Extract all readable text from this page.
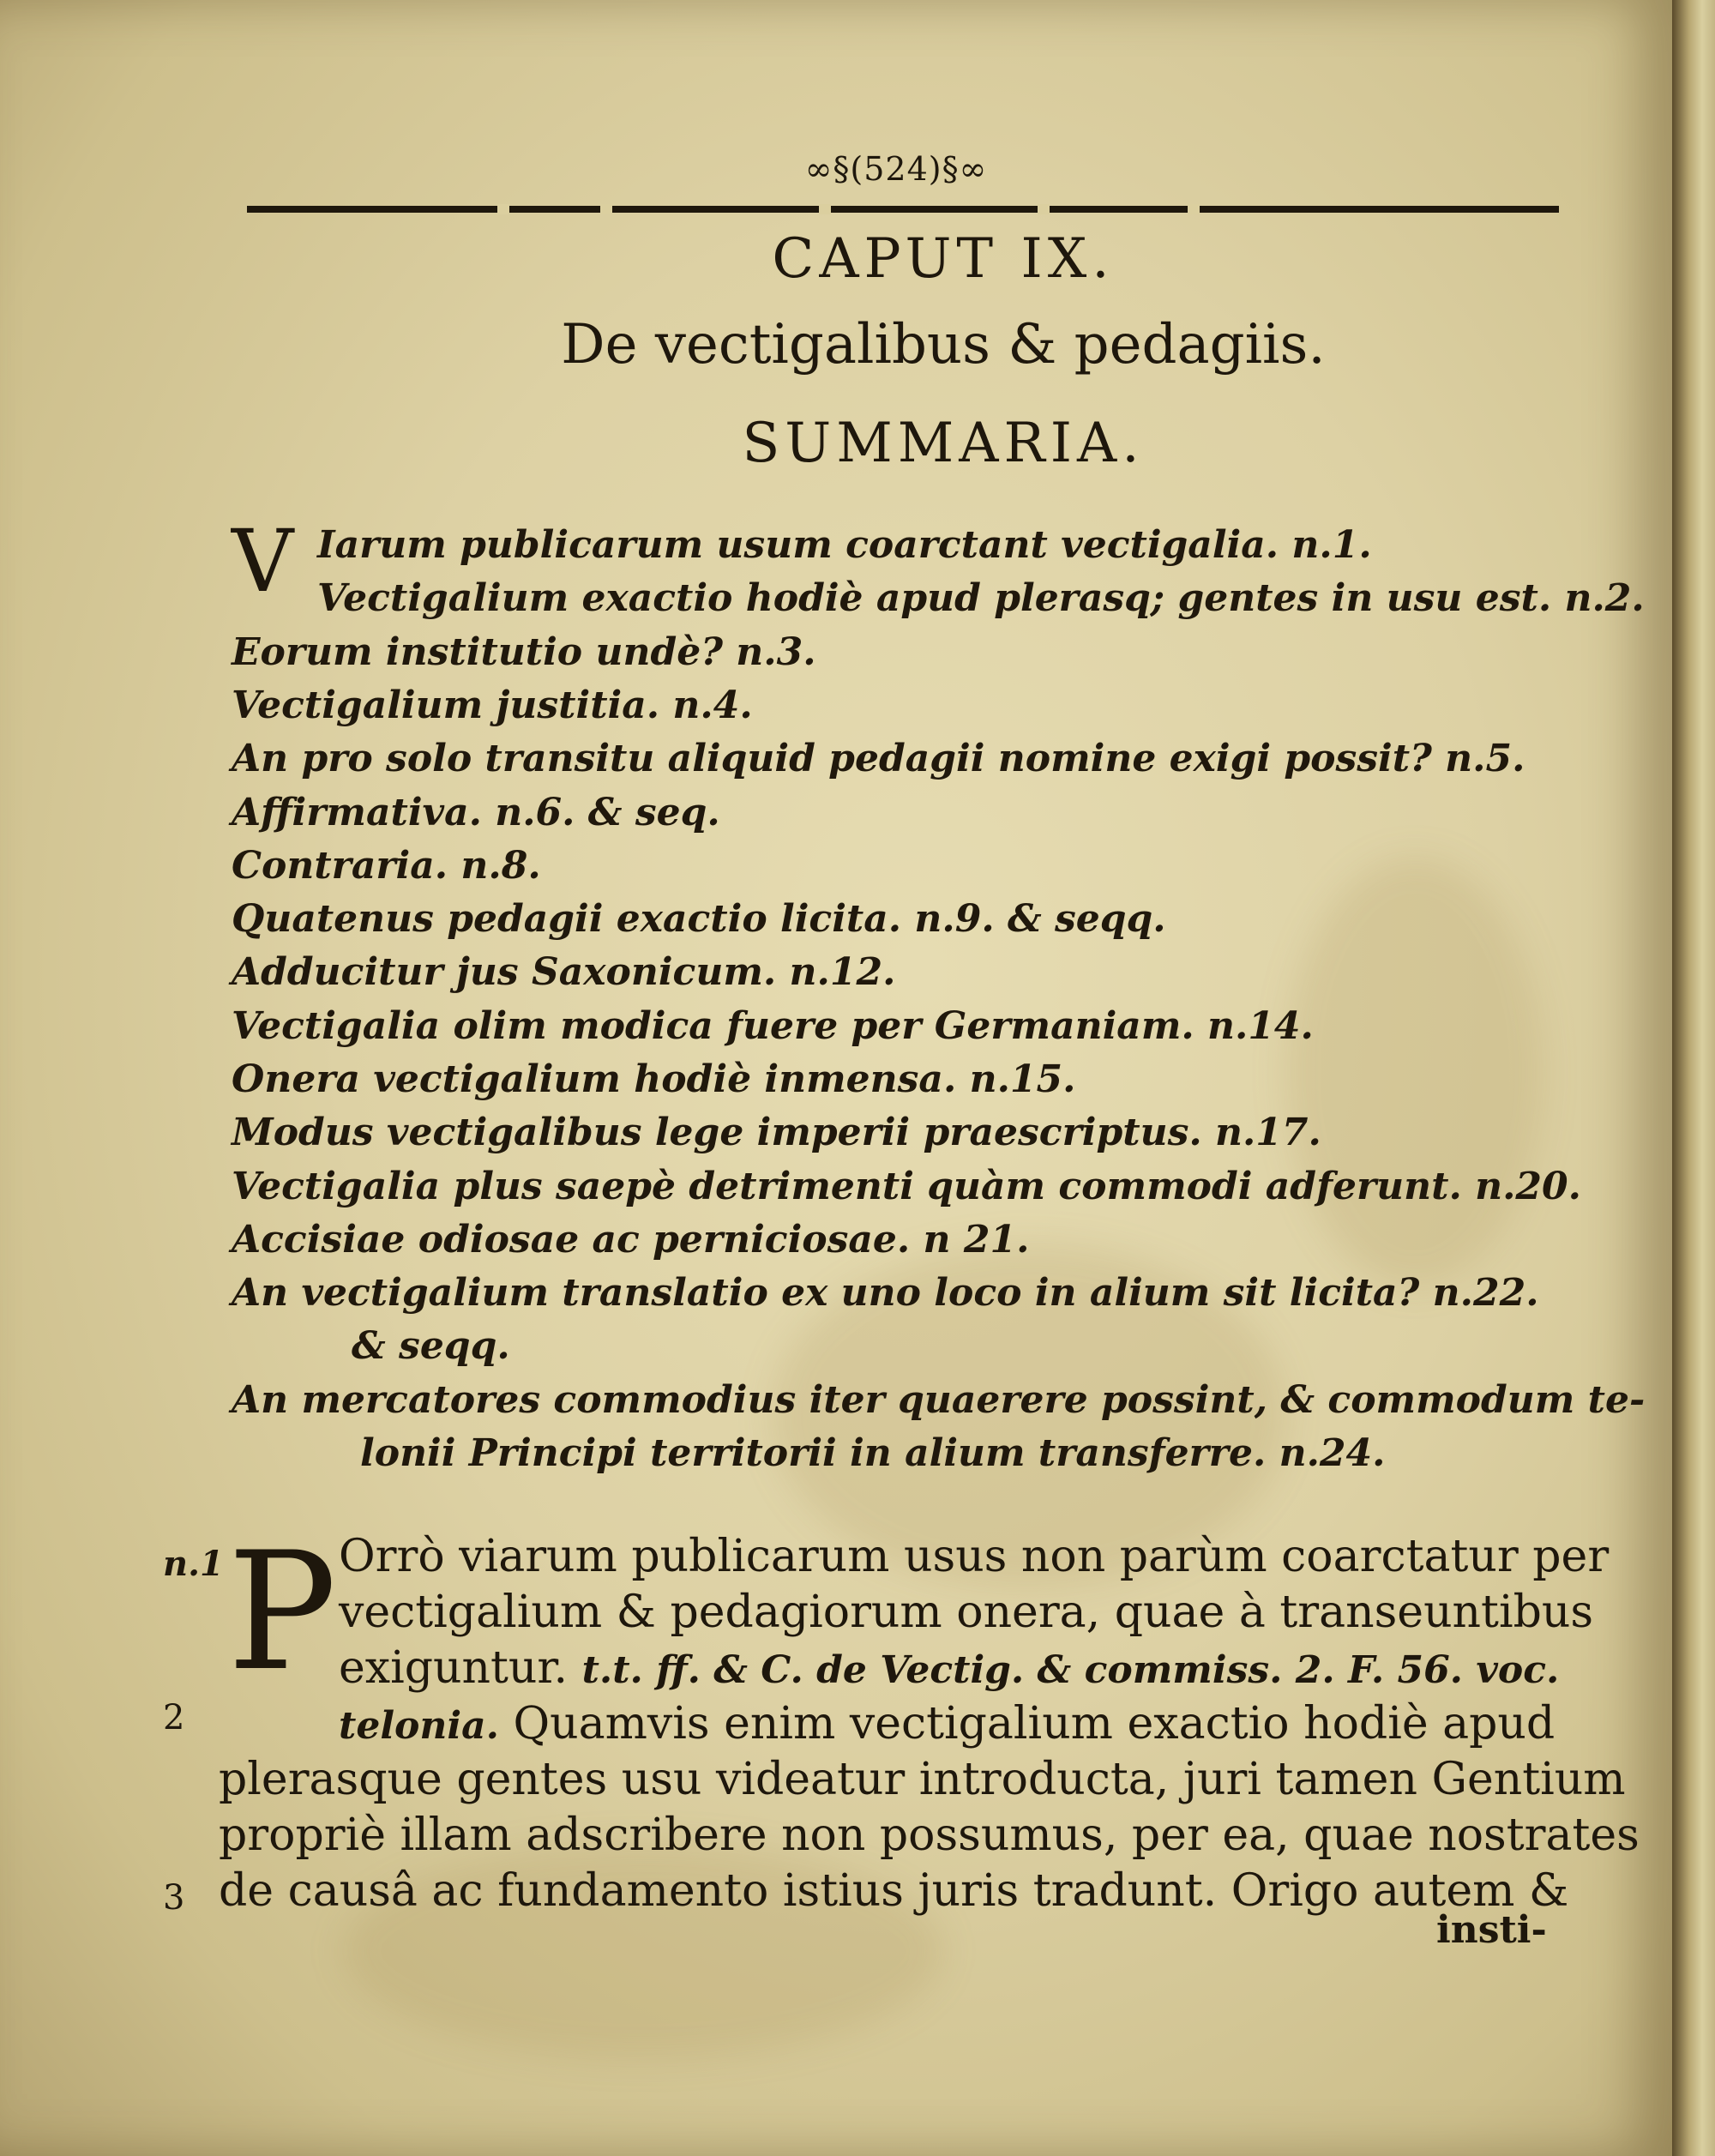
∞§(524)§∞
CAPUT IX.
De vectigalibus & pedagiis.
SUMMARIA.
V Iarum publicarum usum coarctant vectigalia. n.1.
Vectigalium exactio hodiè apud plerasq; gentes in usu est. n.2.
Eorum institutio undè? n.3.
Vectigalium justitia. n.4.
An pro solo transitu aliquid pedagii nomine exigi possit? n.5.
Affirmativa. n.6. & seq.
Contraria. n.8.
Quatenus pedagii exactio licita. n.9. & seqq.
Adducitur jus Saxonicum. n.12.
Vectigalia olim modica fuere per Germaniam. n.14.
Onera vectigalium hodiè inmensa. n.15.
Modus vectigalibus lege imperii praescriptus. n.17.
Vectigalia plus saepè detrimenti quàm commodi adferunt. n.20.
Accisiae odiosae ac perniciosae. n 21.
An vectigalium translatio ex uno loco in alium sit licita? n.22.
& seqq.
An mercatores commodius iter quaerere possint, & commodum te-
lonii Principi territorii in alium transferre. n.24.
P
n.1
2
3
Orrò viarum publicarum usus non parùm coarctatur per
vectigalium & pedagiorum onera, quae à transeuntibus
exiguntur. t.t. ff. & C. de Vectig. & commiss. 2. F. 56. voc.
telonia. Quamvis enim vectigalium exactio hodiè apud
plerasque gentes usu videatur introducta, juri tamen Gentium
propriè illam adscribere non possumus, per ea, quae nostrates
de causâ ac fundamento istius juris tradunt. Origo autem &
insti-
